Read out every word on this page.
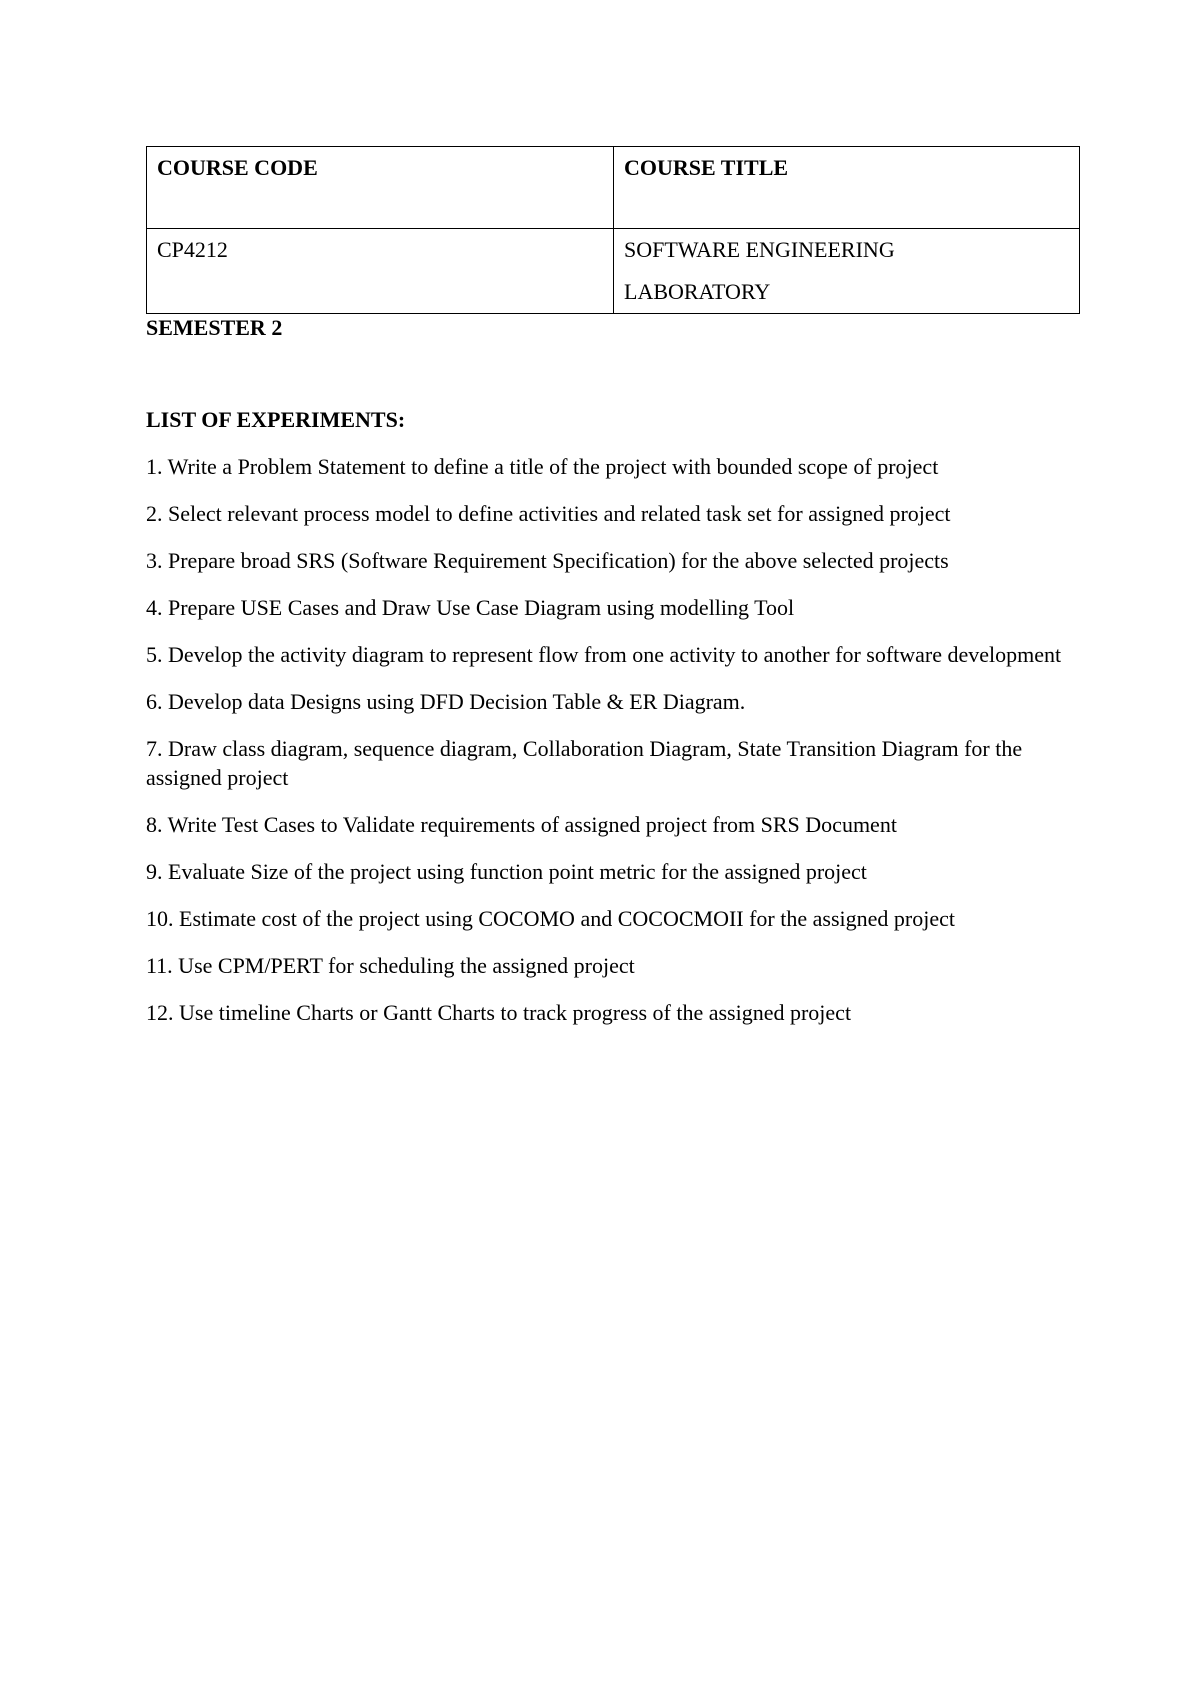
COURSE CODE	COURSE TITLE
CP4212	SOFTWARE ENGINEERING
LABORATORY
SEMESTER 2
LIST OF EXPERIMENTS:
1. Write a Problem Statement to define a title of the project with bounded scope of project
2. Select relevant process model to define activities and related task set for assigned project
3. Prepare broad SRS (Software Requirement Specification) for the above selected projects
4. Prepare USE Cases and Draw Use Case Diagram using modelling Tool
5. Develop the activity diagram to represent flow from one activity to another for software development
6. Develop data Designs using DFD Decision Table & ER Diagram.
7. Draw class diagram, sequence diagram, Collaboration Diagram, State Transition Diagram for the assigned project
8. Write Test Cases to Validate requirements of assigned project from SRS Document
9. Evaluate Size of the project using function point metric for the assigned project
10. Estimate cost of the project using COCOMO and COCOCMOII for the assigned project
11. Use CPM/PERT for scheduling the assigned project
12. Use timeline Charts or Gantt Charts to track progress of the assigned project
